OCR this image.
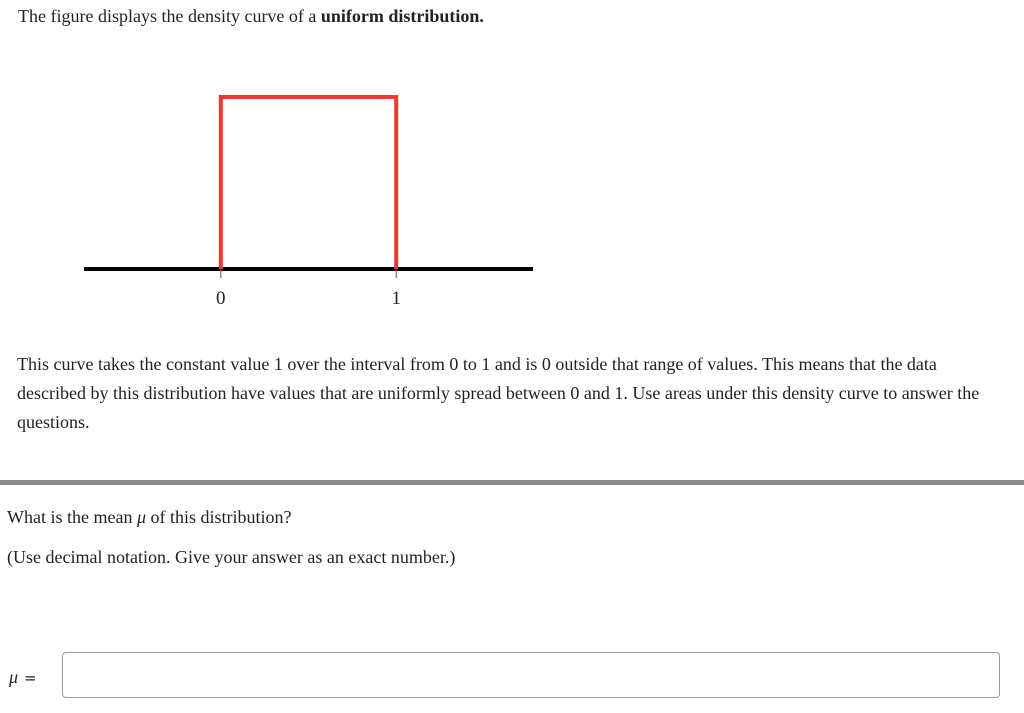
The figure displays the density curve of a uniform distribution.

0	1

This curve takes the constant value 1 over the interval from 0 to 1 and is 0 outside that range of values. This means that the data described by this distribution have values that are uniformly spread between 0 and 1. Use areas under this density curve to answer the questions.

What is the mean μ of this distribution?

(Use decimal notation. Give your answer as an exact number.)

μ =
